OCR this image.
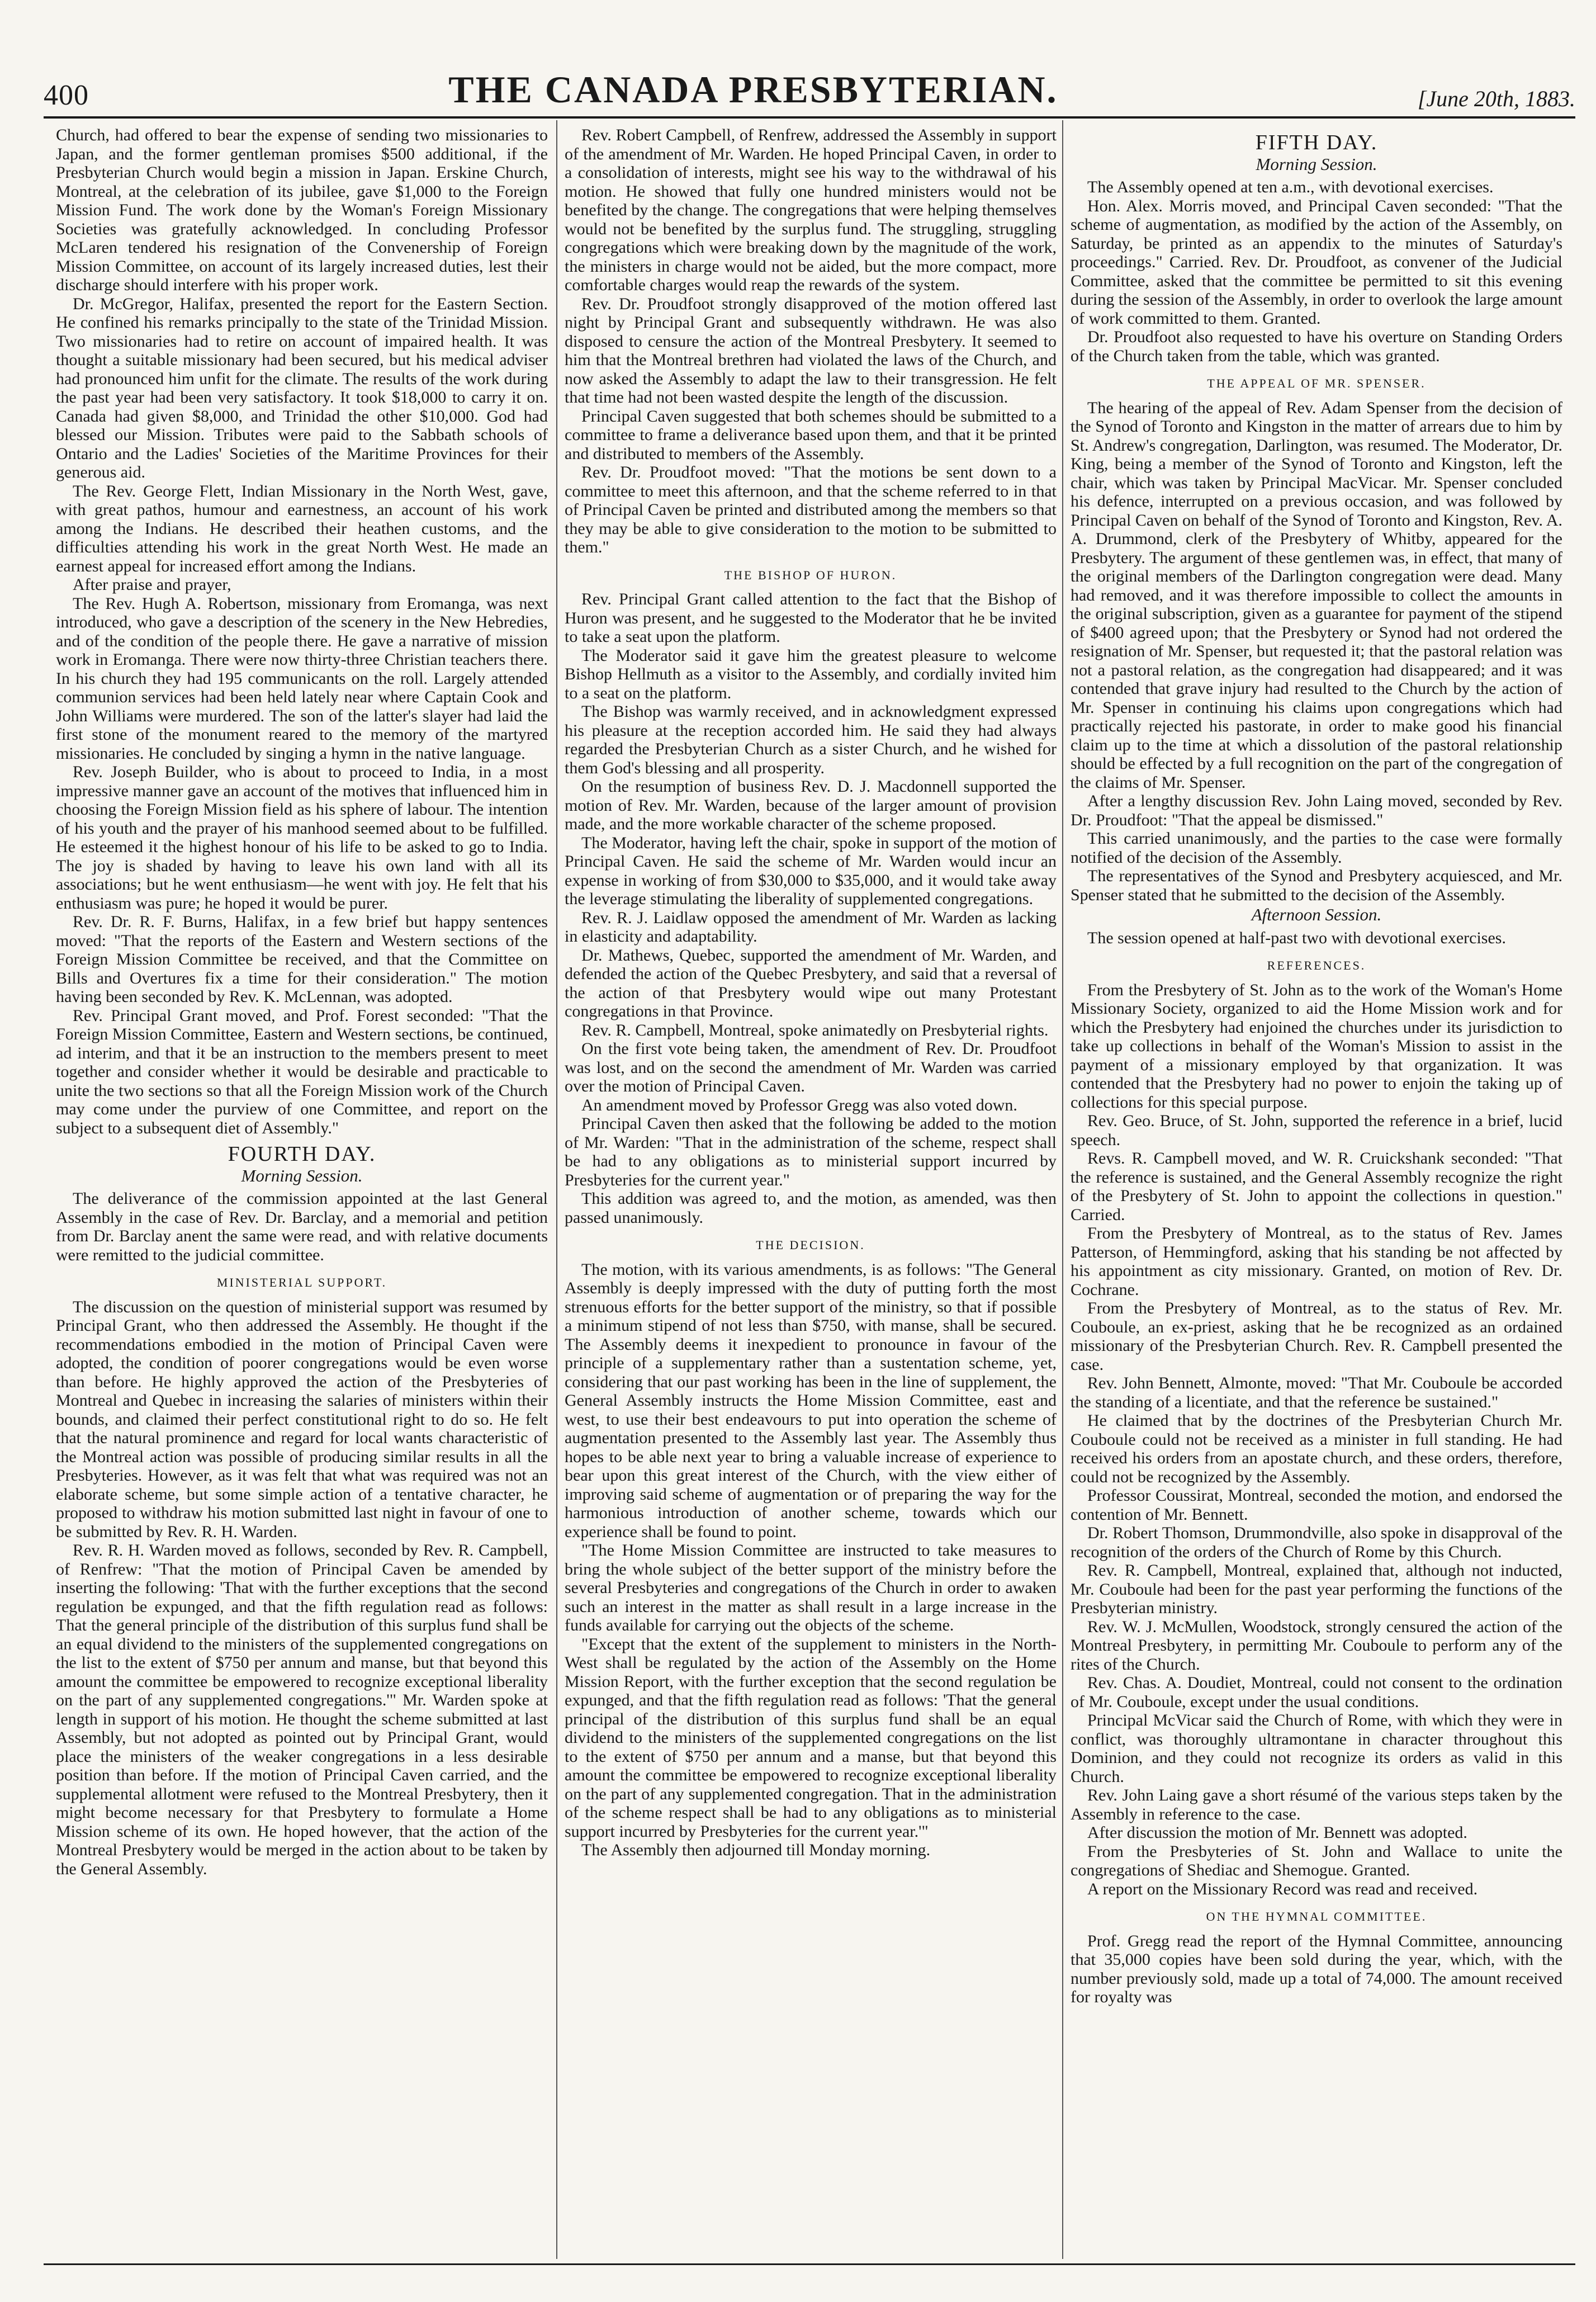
400	THE CANADA PRESBYTERIAN.	[June 20th, 1883.

Church, had offered to bear the expense of sending two missionaries to Japan, and the former gentleman promises $500 additional, if the Presbyterian Church would begin a mission in Japan. Erskine Church, Montreal, at the celebration of its jubilee, gave $1,000 to the Foreign Mission Fund. The work done by the Woman's Foreign Missionary Societies was gratefully acknowledged. In concluding Professor McLaren tendered his resignation of the Convenership of Foreign Mission Committee, on account of its largely increased duties, lest their discharge should interfere with his proper work.

Dr. McGregor, Halifax, presented the report for the Eastern Section. He confined his remarks principally to the state of the Trinidad Mission. Two missionaries had to retire on account of impaired health. It was thought a suitable missionary had been secured, but his medical adviser had pronounced him unfit for the climate. The results of the work during the past year had been very satisfactory. It took $18,000 to carry it on. Canada had given $8,000, and Trinidad the other $10,000. God had blessed our Mission. Tributes were paid to the Sabbath schools of Ontario and the Ladies' Societies of the Maritime Provinces for their generous aid.

The Rev. George Flett, Indian Missionary in the North West, gave, with great pathos, humour and earnestness, an account of his work among the Indians. He described their heathen customs, and the difficulties attending his work in the great North West. He made an earnest appeal for increased effort among the Indians.

After praise and prayer,

The Rev. Hugh A. Robertson, missionary from Eromanga, was next introduced, who gave a description of the scenery in the New Hebredies, and of the condition of the people there. He gave a narrative of mission work in Eromanga. There were now thirty-three Christian teachers there. In his church they had 195 communicants on the roll. Largely attended communion services had been held lately near where Captain Cook and John Williams were murdered. The son of the latter's slayer had laid the first stone of the monument reared to the memory of the martyred missionaries. He concluded by singing a hymn in the native language.

Rev. Joseph Builder, who is about to proceed to India, in a most impressive manner gave an account of the motives that influenced him in choosing the Foreign Mission field as his sphere of labour. The intention of his youth and the prayer of his manhood seemed about to be fulfilled. He esteemed it the highest honour of his life to be asked to go to India. The joy is shaded by having to leave his own land with all its associations; but he went enthusiasm—he went with joy. He felt that his enthusiasm was pure; he hoped it would be purer.

Rev. Dr. R. F. Burns, Halifax, in a few brief but happy sentences moved: "That the reports of the Eastern and Western sections of the Foreign Mission Committee be received, and that the Committee on Bills and Overtures fix a time for their consideration." The motion having been seconded by Rev. K. McLennan, was adopted.

Rev. Principal Grant moved, and Prof. Forest seconded: "That the Foreign Mission Committee, Eastern and Western sections, be continued, ad interim, and that it be an instruction to the members present to meet together and consider whether it would be desirable and practicable to unite the two sections so that all the Foreign Mission work of the Church may come under the purview of one Committee, and report on the subject to a subsequent diet of Assembly."

FOURTH DAY.
Morning Session.

The deliverance of the commission appointed at the last General Assembly in the case of Rev. Dr. Barclay, and a memorial and petition from Dr. Barclay anent the same were read, and with relative documents were remitted to the judicial committee.

MINISTERIAL SUPPORT.

The discussion on the question of ministerial support was resumed by Principal Grant, who then addressed the Assembly. He thought if the recommendations embodied in the motion of Principal Caven were adopted, the condition of poorer congregations would be even worse than before. He highly approved the action of the Presbyteries of Montreal and Quebec in increasing the salaries of ministers within their bounds, and claimed their perfect constitutional right to do so. He felt that the natural prominence and regard for local wants characteristic of the Montreal action was possible of producing similar results in all the Presbyteries. However, as it was felt that what was required was not an elaborate scheme, but some simple action of a tentative character, he proposed to withdraw his motion submitted last night in favour of one to be submitted by Rev. R. H. Warden.

Rev. R. H. Warden moved as follows, seconded by Rev. R. Campbell, of Renfrew: "That the motion of Principal Caven be amended by inserting the following: 'That with the further exceptions that the second regulation be expunged, and that the fifth regulation read as follows: That the general principle of the distribution of this surplus fund shall be an equal dividend to the ministers of the supplemented congregations on the list to the extent of $750 per annum and manse, but that beyond this amount the committee be empowered to recognize exceptional liberality on the part of any supplemented congregations.'" Mr. Warden spoke at length in support of his motion. He thought the scheme submitted at last Assembly, but not adopted as pointed out by Principal Grant, would place the ministers of the weaker congregations in a less desirable position than before. If the motion of Principal Caven carried, and the supplemental allotment were refused to the Montreal Presbytery, then it might become necessary for that Presbytery to formulate a Home Mission scheme of its own. He hoped however, that the action of the Montreal Presbytery would be merged in the action about to be taken by the General Assembly.

Rev. Robert Campbell, of Renfrew, addressed the Assembly in support of the amendment of Mr. Warden. He hoped Principal Caven, in order to a consolidation of interests, might see his way to the withdrawal of his motion. He showed that fully one hundred ministers would not be benefited by the change. The congregations that were helping themselves would not be benefited by the surplus fund. The struggling, struggling congregations which were breaking down by the magnitude of the work, the ministers in charge would not be aided, but the more compact, more comfortable charges would reap the rewards of the system.

Rev. Dr. Proudfoot strongly disapproved of the motion offered last night by Principal Grant and subsequently withdrawn. He was also disposed to censure the action of the Montreal Presbytery. It seemed to him that the Montreal brethren had violated the laws of the Church, and now asked the Assembly to adapt the law to their transgression. He felt that time had not been wasted despite the length of the discussion.

Principal Caven suggested that both schemes should be submitted to a committee to frame a deliverance based upon them, and that it be printed and distributed to members of the Assembly.

Rev. Dr. Proudfoot moved: "That the motions be sent down to a committee to meet this afternoon, and that the scheme referred to in that of Principal Caven be printed and distributed among the members so that they may be able to give consideration to the motion to be submitted to them."

THE BISHOP OF HURON.

Rev. Principal Grant called attention to the fact that the Bishop of Huron was present, and he suggested to the Moderator that he be invited to take a seat upon the platform.

The Moderator said it gave him the greatest pleasure to welcome Bishop Hellmuth as a visitor to the Assembly, and cordially invited him to a seat on the platform.

The Bishop was warmly received, and in acknowledgment expressed his pleasure at the reception accorded him. He said they had always regarded the Presbyterian Church as a sister Church, and he wished for them God's blessing and all prosperity.

On the resumption of business Rev. D. J. Macdonnell supported the motion of Rev. Mr. Warden, because of the larger amount of provision made, and the more workable character of the scheme proposed.

The Moderator, having left the chair, spoke in support of the motion of Principal Caven. He said the scheme of Mr. Warden would incur an expense in working of from $30,000 to $35,000, and it would take away the leverage stimulating the liberality of supplemented congregations.

Rev. R. J. Laidlaw opposed the amendment of Mr. Warden as lacking in elasticity and adaptability.

Dr. Mathews, Quebec, supported the amendment of Mr. Warden, and defended the action of the Quebec Presbytery, and said that a reversal of the action of that Presbytery would wipe out many Protestant congregations in that Province.

Rev. R. Campbell, Montreal, spoke animatedly on Presbyterial rights.

On the first vote being taken, the amendment of Rev. Dr. Proudfoot was lost, and on the second the amendment of Mr. Warden was carried over the motion of Principal Caven.

An amendment moved by Professor Gregg was also voted down.

Principal Caven then asked that the following be added to the motion of Mr. Warden: "That in the administration of the scheme, respect shall be had to any obligations as to ministerial support incurred by Presbyteries for the current year."

This addition was agreed to, and the motion, as amended, was then passed unanimously.

THE DECISION.

The motion, with its various amendments, is as follows: "The General Assembly is deeply impressed with the duty of putting forth the most strenuous efforts for the better support of the ministry, so that if possible a minimum stipend of not less than $750, with manse, shall be secured. The Assembly deems it inexpedient to pronounce in favour of the principle of a supplementary rather than a sustentation scheme, yet, considering that our past working has been in the line of supplement, the General Assembly instructs the Home Mission Committee, east and west, to use their best endeavours to put into operation the scheme of augmentation presented to the Assembly last year. The Assembly thus hopes to be able next year to bring a valuable increase of experience to bear upon this great interest of the Church, with the view either of improving said scheme of augmentation or of preparing the way for the harmonious introduction of another scheme, towards which our experience shall be found to point.

"The Home Mission Committee are instructed to take measures to bring the whole subject of the better support of the ministry before the several Presbyteries and congregations of the Church in order to awaken such an interest in the matter as shall result in a large increase in the funds available for carrying out the objects of the scheme.

"Except that the extent of the supplement to ministers in the North-West shall be regulated by the action of the Assembly on the Home Mission Report, with the further exception that the second regulation be expunged, and that the fifth regulation read as follows: 'That the general principal of the distribution of this surplus fund shall be an equal dividend to the ministers of the supplemented congregations on the list to the extent of $750 per annum and a manse, but that beyond this amount the committee be empowered to recognize exceptional liberality on the part of any supplemented congregation. That in the administration of the scheme respect shall be had to any obligations as to ministerial support incurred by Presbyteries for the current year.'"

The Assembly then adjourned till Monday morning.

FIFTH DAY.
Morning Session.

The Assembly opened at ten a.m., with devotional exercises.

Hon. Alex. Morris moved, and Principal Caven seconded: "That the scheme of augmentation, as modified by the action of the Assembly, on Saturday, be printed as an appendix to the minutes of Saturday's proceedings." Carried. Rev. Dr. Proudfoot, as convener of the Judicial Committee, asked that the committee be permitted to sit this evening during the session of the Assembly, in order to overlook the large amount of work committed to them. Granted.

Dr. Proudfoot also requested to have his overture on Standing Orders of the Church taken from the table, which was granted.

THE APPEAL OF MR. SPENSER.

The hearing of the appeal of Rev. Adam Spenser from the decision of the Synod of Toronto and Kingston in the matter of arrears due to him by St. Andrew's congregation, Darlington, was resumed. The Moderator, Dr. King, being a member of the Synod of Toronto and Kingston, left the chair, which was taken by Principal MacVicar. Mr. Spenser concluded his defence, interrupted on a previous occasion, and was followed by Principal Caven on behalf of the Synod of Toronto and Kingston, Rev. A. A. Drummond, clerk of the Presbytery of Whitby, appeared for the Presbytery. The argument of these gentlemen was, in effect, that many of the original members of the Darlington congregation were dead. Many had removed, and it was therefore impossible to collect the amounts in the original subscription, given as a guarantee for payment of the stipend of $400 agreed upon; that the Presbytery or Synod had not ordered the resignation of Mr. Spenser, but requested it; that the pastoral relation was not a pastoral relation, as the congregation had disappeared; and it was contended that grave injury had resulted to the Church by the action of Mr. Spenser in continuing his claims upon congregations which had practically rejected his pastorate, in order to make good his financial claim up to the time at which a dissolution of the pastoral relationship should be effected by a full recognition on the part of the congregation of the claims of Mr. Spenser.

After a lengthy discussion Rev. John Laing moved, seconded by Rev. Dr. Proudfoot: "That the appeal be dismissed."

This carried unanimously, and the parties to the case were formally notified of the decision of the Assembly.

The representatives of the Synod and Presbytery acquiesced, and Mr. Spenser stated that he submitted to the decision of the Assembly.

Afternoon Session.

The session opened at half-past two with devotional exercises.

REFERENCES.

From the Presbytery of St. John as to the work of the Woman's Home Missionary Society, organized to aid the Home Mission work and for which the Presbytery had enjoined the churches under its jurisdiction to take up collections in behalf of the Woman's Mission to assist in the payment of a missionary employed by that organization. It was contended that the Presbytery had no power to enjoin the taking up of collections for this special purpose.

Rev. Geo. Bruce, of St. John, supported the reference in a brief, lucid speech.

Revs. R. Campbell moved, and W. R. Cruickshank seconded: "That the reference is sustained, and the General Assembly recognize the right of the Presbytery of St. John to appoint the collections in question." Carried.

From the Presbytery of Montreal, as to the status of Rev. James Patterson, of Hemmingford, asking that his standing be not affected by his appointment as city missionary. Granted, on motion of Rev. Dr. Cochrane.

From the Presbytery of Montreal, as to the status of Rev. Mr. Couboule, an ex-priest, asking that he be recognized as an ordained missionary of the Presbyterian Church. Rev. R. Campbell presented the case.

Rev. John Bennett, Almonte, moved: "That Mr. Couboule be accorded the standing of a licentiate, and that the reference be sustained."

He claimed that by the doctrines of the Presbyterian Church Mr. Couboule could not be received as a minister in full standing. He had received his orders from an apostate church, and these orders, therefore, could not be recognized by the Assembly.

Professor Coussirat, Montreal, seconded the motion, and endorsed the contention of Mr. Bennett.

Dr. Robert Thomson, Drummondville, also spoke in disapproval of the recognition of the orders of the Church of Rome by this Church.

Rev. R. Campbell, Montreal, explained that, although not inducted, Mr. Couboule had been for the past year performing the functions of the Presbyterian ministry.

Rev. W. J. McMullen, Woodstock, strongly censured the action of the Montreal Presbytery, in permitting Mr. Couboule to perform any of the rites of the Church.

Rev. Chas. A. Doudiet, Montreal, could not consent to the ordination of Mr. Couboule, except under the usual conditions.

Principal McVicar said the Church of Rome, with which they were in conflict, was thoroughly ultramontane in character throughout this Dominion, and they could not recognize its orders as valid in this Church.

Rev. John Laing gave a short résumé of the various steps taken by the Assembly in reference to the case.

After discussion the motion of Mr. Bennett was adopted.

From the Presbyteries of St. John and Wallace to unite the congregations of Shediac and Shemogue. Granted.

A report on the Missionary Record was read and received.

ON THE HYMNAL COMMITTEE.

Prof. Gregg read the report of the Hymnal Committee, announcing that 35,000 copies have been sold during the year, which, with the number previously sold, made up a total of 74,000. The amount received for royalty was
